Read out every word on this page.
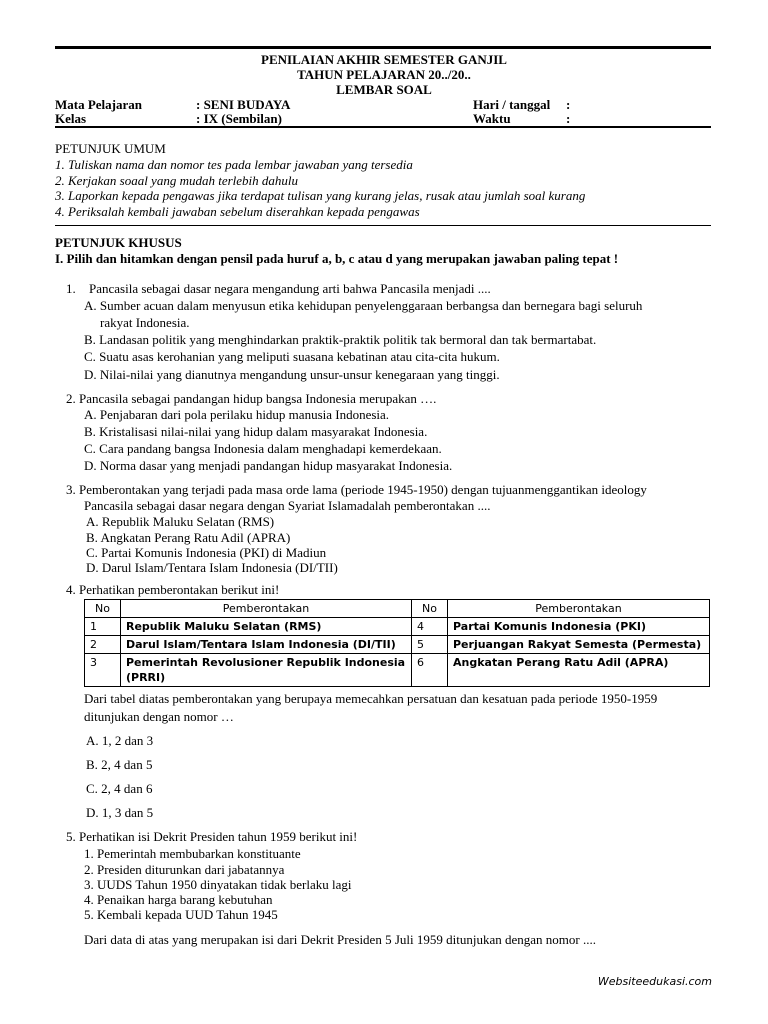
PENILAIAN AKHIR SEMESTER GANJIL
TAHUN PELAJARAN 20../20..
LEMBAR SOAL
Mata Pelajaran	: SENI BUDAYA	Hari / tanggal :
Kelas	: IX (Sembilan)	Waktu	:
PETUNJUK UMUM
1. Tuliskan nama dan nomor tes pada lembar jawaban yang tersedia
2. Kerjakan soaal yang mudah terlebih dahulu
3. Laporkan kepada pengawas jika terdapat tulisan yang kurang jelas, rusak atau jumlah soal kurang
4. Periksalah kembali jawaban sebelum diserahkan kepada pengawas
PETUNJUK KHUSUS
I. Pilih dan hitamkan dengan pensil pada huruf a, b, c atau d yang merupakan jawaban paling tepat !
1. Pancasila sebagai dasar negara mengandung arti bahwa Pancasila menjadi ....
A. Sumber acuan dalam menyusun etika kehidupan penyelenggaraan berbangsa dan bernegara bagi seluruh
rakyat Indonesia.
B. Landasan politik yang menghindarkan praktik-praktik politik tak bermoral dan tak bermartabat.
C. Suatu asas kerohanian yang meliputi suasana kebatinan atau cita-cita hukum.
D. Nilai-nilai yang dianutnya mengandung unsur-unsur kenegaraan yang tinggi.
2. Pancasila sebagai pandangan hidup bangsa Indonesia merupakan ….
A. Penjabaran dari pola perilaku hidup manusia Indonesia.
B. Kristalisasi nilai-nilai yang hidup dalam masyarakat Indonesia.
C. Cara pandang bangsa Indonesia dalam menghadapi kemerdekaan.
D. Norma dasar yang menjadi pandangan hidup masyarakat Indonesia.
3. Pemberontakan yang terjadi pada masa orde lama (periode 1945-1950) dengan tujuanmenggantikan ideology
Pancasila sebagai dasar negara dengan Syariat Islamadalah pemberontakan ....
A. Republik Maluku Selatan (RMS)
B. Angkatan Perang Ratu Adil (APRA)
C. Partai Komunis Indonesia (PKI) di Madiun
D. Darul Islam/Tentara Islam Indonesia (DI/TII)
4. Perhatikan pemberontakan berikut ini!
No	Pemberontakan	No	Pemberontakan
1	Republik Maluku Selatan (RMS)	4	Partai Komunis Indonesia (PKI)
2	Darul Islam/Tentara Islam Indonesia (DI/TII)	5	Perjuangan Rakyat Semesta (Permesta)
3	Pemerintah Revolusioner Republik Indonesia (PRRI)	6	Angkatan Perang Ratu Adil (APRA)
Dari tabel diatas pemberontakan yang berupaya memecahkan persatuan dan kesatuan pada periode 1950-1959
ditunjukan dengan nomor …
A. 1, 2 dan 3
B. 2, 4 dan 5
C. 2, 4 dan 6
D. 1, 3 dan 5
5. Perhatikan isi Dekrit Presiden tahun 1959 berikut ini!
1. Pemerintah membubarkan konstituante
2. Presiden diturunkan dari jabatannya
3. UUDS Tahun 1950 dinyatakan tidak berlaku lagi
4. Penaikan harga barang kebutuhan
5. Kembali kepada UUD Tahun 1945
Dari data di atas yang merupakan isi dari Dekrit Presiden 5 Juli 1959 ditunjukan dengan nomor ....
Websiteedukasi.com
